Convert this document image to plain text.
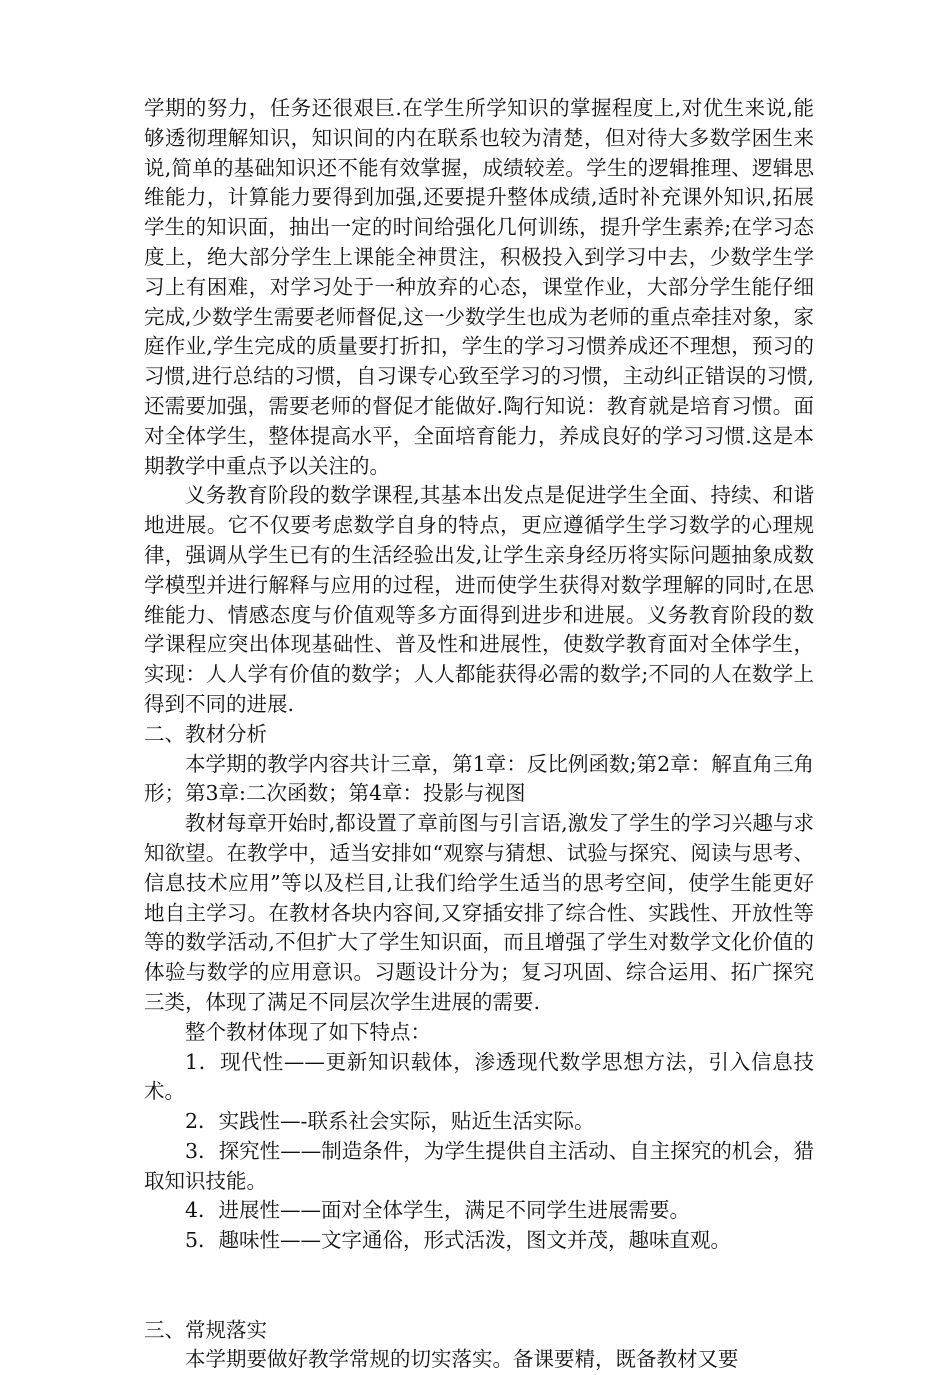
学期的努力，任务还很艰巨.在学生所学知识的掌握程度上,对优生来说,能够透彻理解知识，知识间的内在联系也较为清楚，但对待大多数学困生来说,简单的基础知识还不能有效掌握，成绩较差。学生的逻辑推理、逻辑思维能力，计算能力要得到加强,还要提升整体成绩,适时补充课外知识,拓展学生的知识面，抽出一定的时间给强化几何训练，提升学生素养;在学习态度上，绝大部分学生上课能全神贯注，积极投入到学习中去，少数学生学习上有困难，对学习处于一种放弃的心态，课堂作业，大部分学生能仔细完成,少数学生需要老师督促,这一少数学生也成为老师的重点牵挂对象，家庭作业,学生完成的质量要打折扣，学生的学习习惯养成还不理想，预习的习惯,进行总结的习惯，自习课专心致至学习的习惯，主动纠正错误的习惯,还需要加强，需要老师的督促才能做好.陶行知说：教育就是培育习惯。面对全体学生，整体提高水平，全面培育能力，养成良好的学习习惯.这是本期教学中重点予以关注的。

义务教育阶段的数学课程,其基本出发点是促进学生全面、持续、和谐地进展。它不仅要考虑数学自身的特点，更应遵循学生学习数学的心理规律，强调从学生已有的生活经验出发,让学生亲身经历将实际问题抽象成数学模型并进行解释与应用的过程，进而使学生获得对数学理解的同时,在思维能力、情感态度与价值观等多方面得到进步和进展。义务教育阶段的数学课程应突出体现基础性、普及性和进展性，使数学教育面对全体学生，实现：人人学有价值的数学；人人都能获得必需的数学;不同的人在数学上得到不同的进展.

二、教材分析

本学期的教学内容共计三章，第1章：反比例函数;第2章：解直角三角形；第3章:二次函数；第4章：投影与视图

教材每章开始时,都设置了章前图与引言语,激发了学生的学习兴趣与求知欲望。在教学中，适当安排如“观察与猜想、试验与探究、阅读与思考、信息技术应用”等以及栏目,让我们给学生适当的思考空间，使学生能更好地自主学习。在教材各块内容间,又穿插安排了综合性、实践性、开放性等等的数学活动,不但扩大了学生知识面，而且增强了学生对数学文化价值的体验与数学的应用意识。习题设计分为；复习巩固、综合运用、拓广探究三类，体现了满足不同层次学生进展的需要.

整个教材体现了如下特点：

1．现代性——更新知识载体，渗透现代数学思想方法，引入信息技术。

2．实践性—-联系社会实际，贴近生活实际。

3．探究性——制造条件，为学生提供自主活动、自主探究的机会，猎取知识技能。

4．进展性——面对全体学生，满足不同学生进展需要。

5．趣味性——文字通俗，形式活泼，图文并茂，趣味直观。

三、常规落实

本学期要做好教学常规的切实落实。备课要精，既备教材又要
